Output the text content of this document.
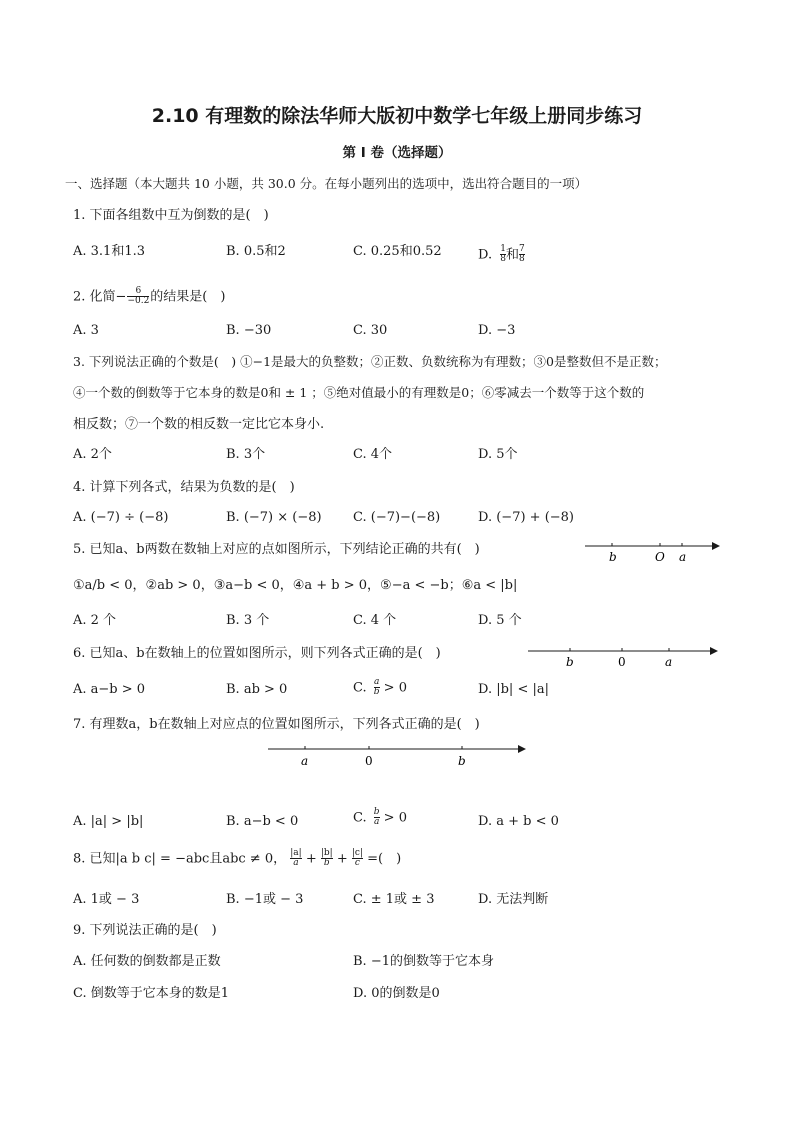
2.10 有理数的除法华师大版初中数学七年级上册同步练习
第 I 卷（选择题）
一、选择题（本大题共 10 小题，共 30.0 分。在每小题列出的选项中，选出符合题目的一项）
1. 下面各组数中互为倒数的是(　)
A. 3.1和1.3	B. 0.5和2	C. 0.25和0.52	D. $\frac{1}{8}$ 和 $\frac{7}{8}$
2. 化简− $\frac{6}{-0.2}$ 的结果是(　)
A. 3	B. −30	C. 30	D. −3
3. 下列说法正确的个数是(　) ①−1是最大的负整数；②正数、负数统称为有理数；③0是整数但不是正数；
④一个数的倒数等于它本身的数是0和 ± 1 ；⑤绝对值最小的有理数是0；⑥零减去一个数等于这个数的
相反数；⑦一个数的相反数一定比它本身小.
A. 2个	B. 3个	C. 4个	D. 5个
4. 计算下列各式，结果为负数的是(　)
A. (−7) ÷ (−8)	B. (−7) × (−8) C. (−7)−(−8)	D. (−7) + (−8)
5. 已知a、b两数在数轴上对应的点如图所示，下列结论正确的共有(　)	b	O a
①a/b < 0，②ab > 0，③a−b < 0，④a + b > 0，⑤−a < −b；⑥a < |b|
A. 2 个	B. 3 个	C. 4 个	D. 5 个
6. 已知a、b在数轴上的位置如图所示，则下列各式正确的是(　)
b	0	a
A. a−b > 0	B. ab > 0	C. $\frac{a}{b} > 0$	D. |b| < |a|
7. 有理数a，b在数轴上对应点的位置如图所示，下列各式正确的是(　)
a	0	b
A. |a| > |b|	B. a−b < 0	C. $\frac{b}{a} > 0$	D. a + b < 0
8. 已知|a b c| = −abc且abc ≠ 0， $\frac{|a|}{a} + \frac{|b|}{b} + \frac{|c|}{c}$ =(　)
A. 1或 − 3	B. −1或 − 3	C. ± 1或 ± 3	D. 无法判断
9. 下列说法正确的是(　)
A. 任何数的倒数都是正数	B. −1的倒数等于它本身
C. 倒数等于它本身的数是1	D. 0的倒数是0
